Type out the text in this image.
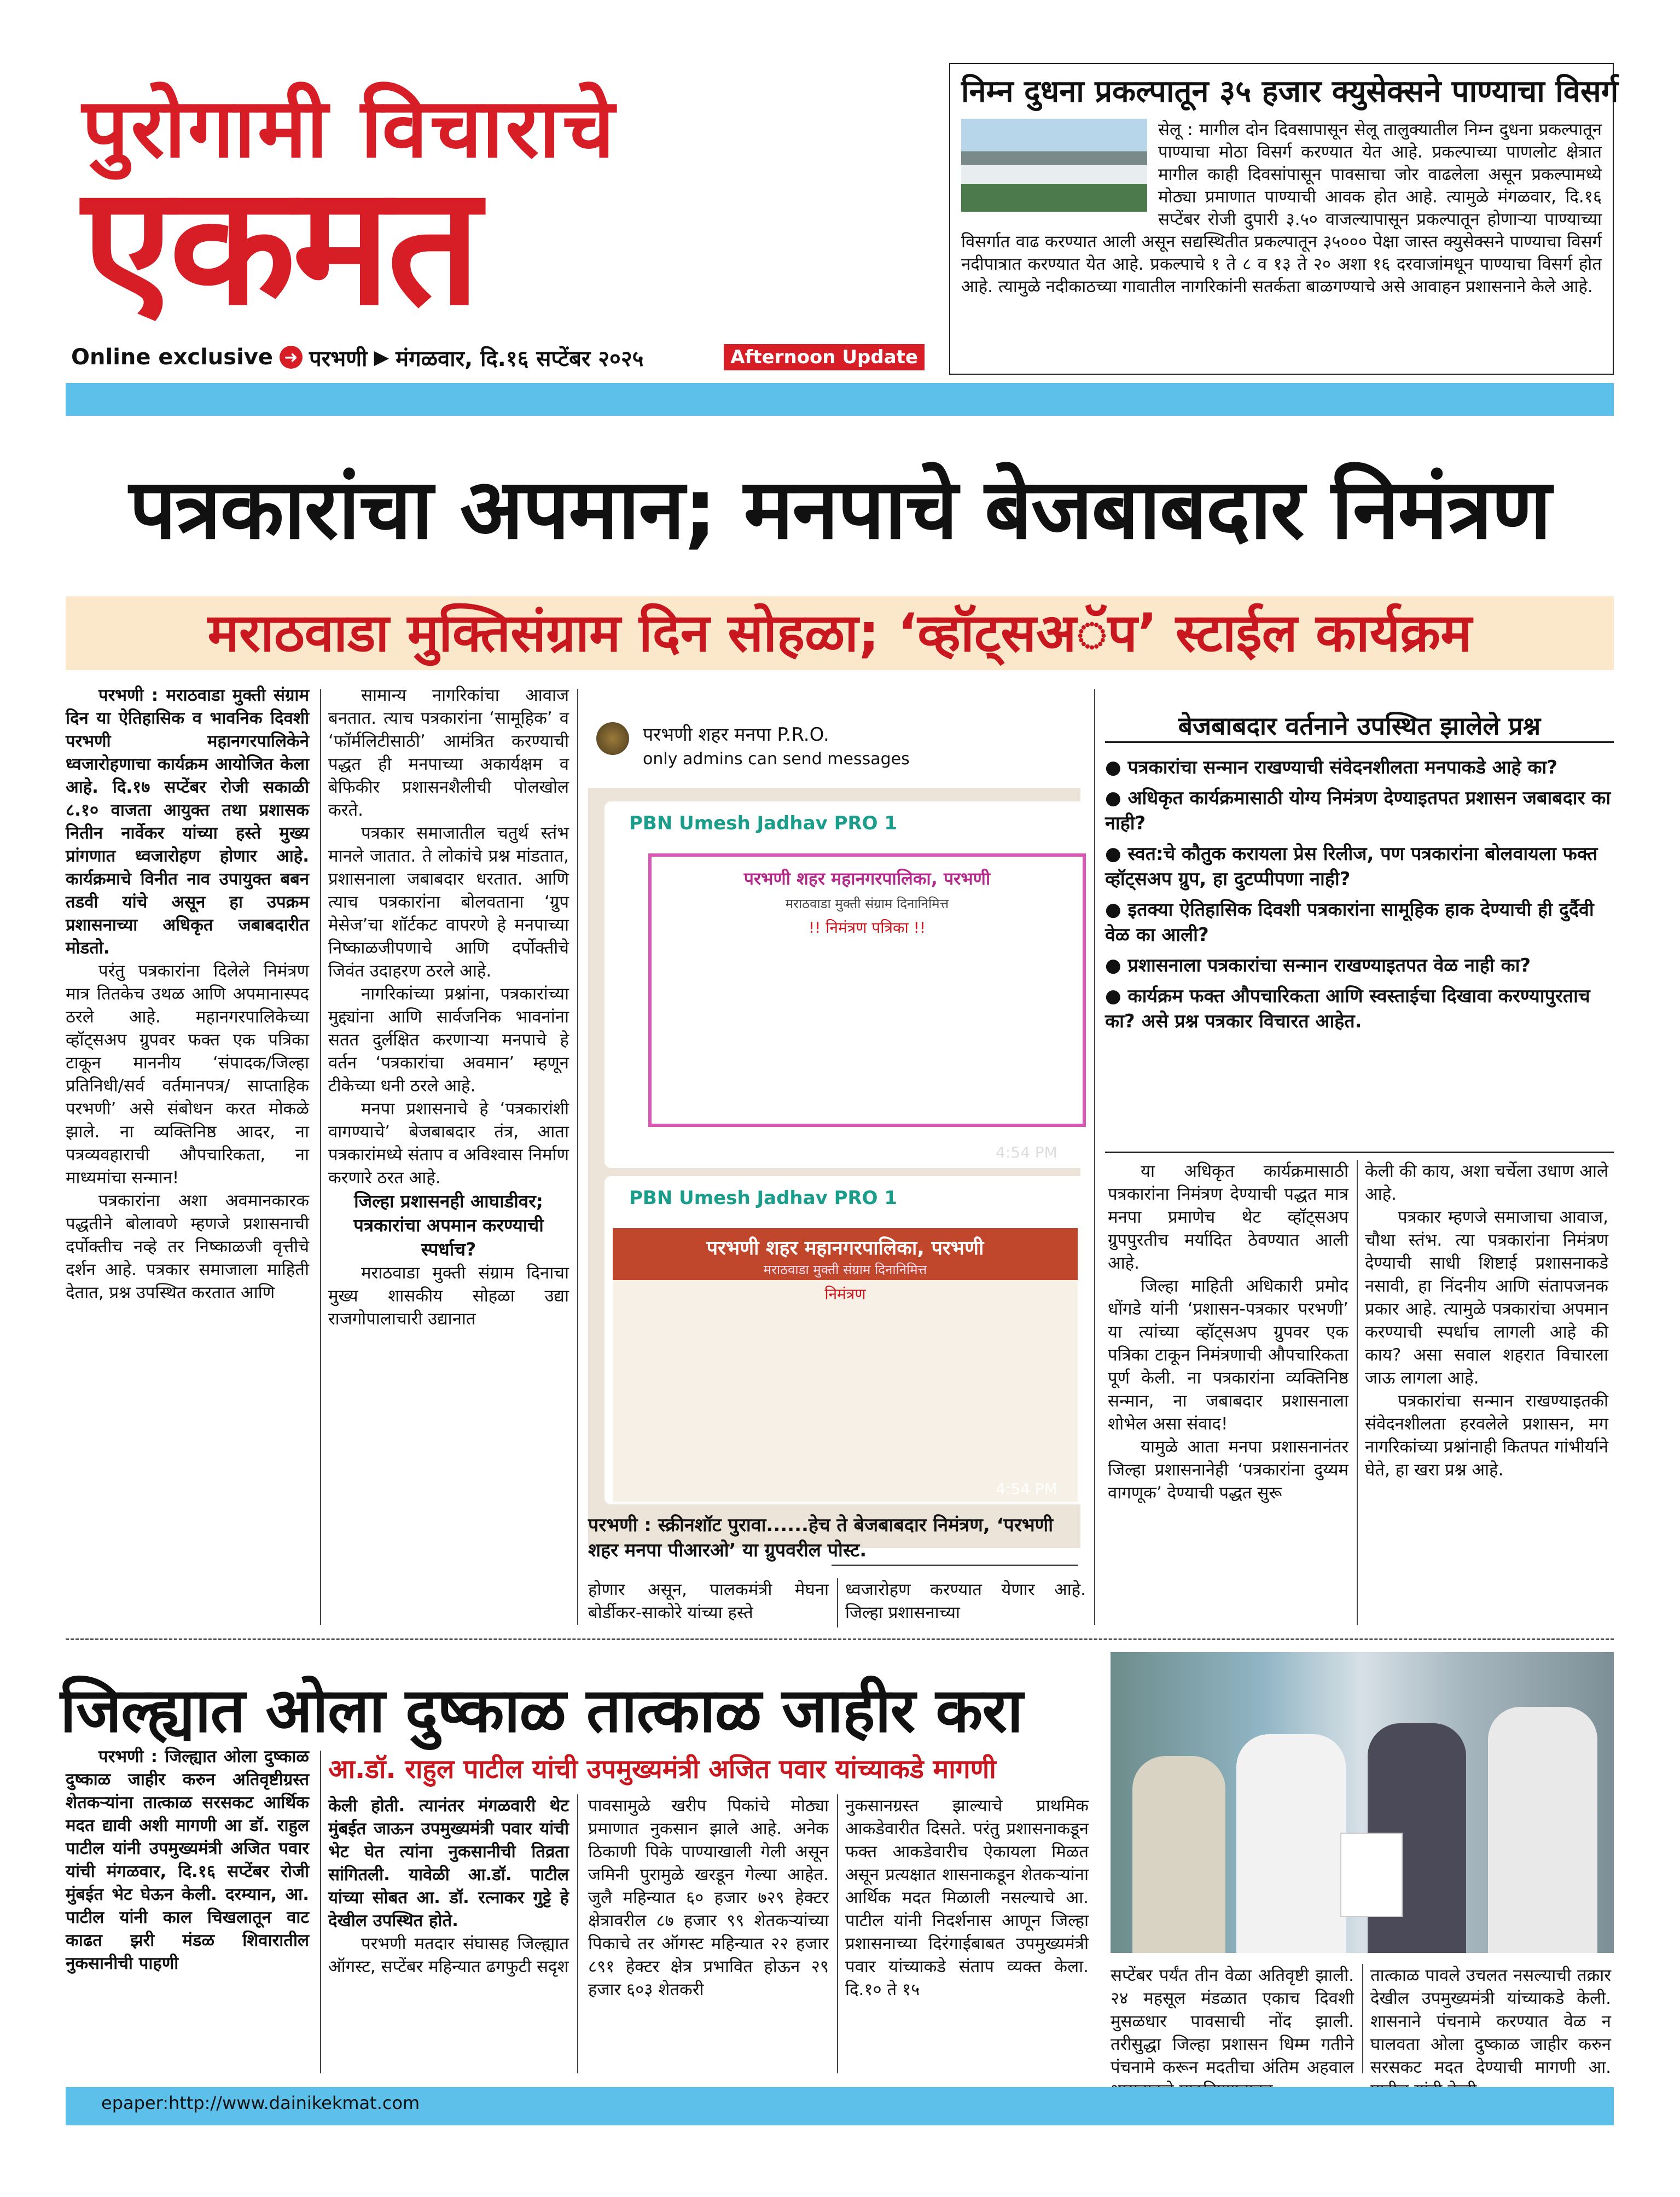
पुरोगामी विचाराचे
एकमत
Online exclusive ➜ परभणी ▶ मंगळवार, दि.१६ सप्टेंबर २०२५	Afternoon Update
निम्न दुधना प्रकल्पातून ३५ हजार क्युसेक्सने पाण्याचा विसर्ग

सेलू : मागील दोन दिवसापासून सेलू तालुक्यातील निम्न दुधना प्रकल्पातून पाण्याचा मोठा विसर्ग करण्यात येत आहे. प्रकल्पाच्या पाणलोट क्षेत्रात मागील काही दिवसांपासून पावसाचा जोर वाढलेला असून प्रकल्पामध्ये मोठ्या प्रमाणात पाण्याची आवक होत आहे. त्यामुळे मंगळवार, दि.१६ सप्टेंबर रोजी दुपारी ३.५० वाजल्यापासून प्रकल्पातून होणाऱ्या पाण्याच्या विसर्गात वाढ करण्यात आली असून सद्यस्थितीत प्रकल्पातून ३५००० पेक्षा जास्त क्युसेक्सने पाण्याचा विसर्ग नदीपात्रात करण्यात येत आहे. प्रकल्पाचे १ ते ८ व १३ ते २० अशा १६ दरवाजांमधून पाण्याचा विसर्ग होत आहे. त्यामुळे नदीकाठच्या गावातील नागरिकांनी सतर्कता बाळगण्याचे असे आवाहन प्रशासनाने केले आहे.

पत्रकारांचा अपमान; मनपाचे बेजबाबदार निमंत्रण
मराठवाडा मुक्तिसंग्राम दिन सोहळा; ‘व्हॉट्सअॅप’ स्टाईल कार्यक्रम

परभणी : मराठवाडा मुक्ती संग्राम दिन या ऐतिहासिक व भावनिक दिवशी परभणी महानगरपालिकेने ध्वजारोहणाचा कार्यक्रम आयोजित केला आहे. दि.१७ सप्टेंबर रोजी सकाळी ८.१० वाजता आयुक्त तथा प्रशासक नितीन नार्वेकर यांच्या हस्ते मुख्य प्रांगणात ध्वजारोहण होणार आहे. कार्यक्रमाचे विनीत नाव उपायुक्त बबन तडवी यांचे असून हा उपक्रम प्रशासनाच्या अधिकृत जबाबदारीत मोडतो.

परंतु पत्रकारांना दिलेले निमंत्रण मात्र तितकेच उथळ आणि अपमानास्पद ठरले आहे. महानगरपालिकेच्या व्हॉट्सअप ग्रुपवर फक्त एक पत्रिका टाकून माननीय ‘संपादक/जिल्हा प्रतिनिधी/सर्व वर्तमानपत्र/ साप्ताहिक परभणी’ असे संबोधन करत मोकळे झाले. ना व्यक्तिनिष्ठ आदर, ना पत्रव्यवहाराची औपचारिकता, ना माध्यमांचा सन्मान!

पत्रकारांना अशा अवमानकारक पद्धतीने बोलावणे म्हणजे प्रशासनाची दर्पोक्तीच नव्हे तर निष्काळजी वृत्तीचे दर्शन आहे. पत्रकार समाजाला माहिती देतात, प्रश्न उपस्थित करतात आणि

सामान्य नागरिकांचा आवाज बनतात. त्याच पत्रकारांना ‘सामूहिक’ व ‘फॉर्मलिटीसाठी’ आमंत्रित करण्याची पद्धत ही मनपाच्या अकार्यक्षम व बेफिकीर प्रशासनशैलीची पोलखोल करते.

पत्रकार समाजातील चतुर्थ स्तंभ मानले जातात. ते लोकांचे प्रश्न मांडतात, प्रशासनाला जबाबदार धरतात. आणि त्याच पत्रकारांना बोलवताना ‘ग्रुप मेसेज’चा शॉर्टकट वापरणे हे मनपाच्या निष्काळजीपणाचे आणि दर्पोक्तीचे जिवंत उदाहरण ठरले आहे.

नागरिकांच्या प्रश्नांना, पत्रकारांच्या मुद्द्यांना आणि सार्वजनिक भावनांना सतत दुर्लक्षित करणाऱ्या मनपाचे हे वर्तन ‘पत्रकारांचा अवमान’ म्हणून टीकेच्या धनी ठरले आहे.

मनपा प्रशासनाचे हे ‘पत्रकारांशी वागण्याचे’ बेजबाबदार तंत्र, आता पत्रकारांमध्ये संताप व अविश्वास निर्माण करणारे ठरत आहे.

जिल्हा प्रशासनही आघाडीवर; पत्रकारांचा अपमान करण्याची स्पर्धाच?

मराठवाडा मुक्ती संग्राम दिनाचा मुख्य शासकीय सोहळा उद्या राजगोपालाचारी उद्यानात

परभणी शहर मनपा P.R.O.
only admins can send messages
PBN Umesh Jadhav PRO 1
परभणी शहर महानगरपालिका, परभणी
मराठवाडा मुक्ती संग्राम दिनानिमित्त
!! निमंत्रण पत्रिका !!
4:54 PM
PBN Umesh Jadhav PRO 1
परभणी शहर महानगरपालिका, परभणी
मराठवाडा मुक्ती संग्राम दिनानिमित्त
निमंत्रण
4:54 PM
परभणी : स्क्रीनशॉट पुरावा......हेच ते बेजबाबदार निमंत्रण, ‘परभणी शहर मनपा पीआरओ’ या ग्रुपवरील पोस्ट.
होणार असून, पालकमंत्री मेघना बोर्डीकर-साकोरे यांच्या हस्ते
ध्वजारोहण करण्यात येणार आहे. जिल्हा प्रशासनाच्या
बेजबाबदार वर्तनाने उपस्थित झालेले प्रश्न
● पत्रकारांचा सन्मान राखण्याची संवेदनशीलता मनपाकडे आहे का?
● अधिकृत कार्यक्रमासाठी योग्य निमंत्रण देण्याइतपत प्रशासन जबाबदार का नाही?
● स्वत:चे कौतुक करायला प्रेस रिलीज, पण पत्रकारांना बोलवायला फक्त व्हॉट्सअप ग्रुप, हा दुटप्पीपणा नाही?
● इतक्या ऐतिहासिक दिवशी पत्रकारांना सामूहिक हाक देण्याची ही दुर्दैवी वेळ का आली?
● प्रशासनाला पत्रकारांचा सन्मान राखण्याइतपत वेळ नाही का?
● कार्यक्रम फक्त औपचारिकता आणि स्वस्ताईचा दिखावा करण्यापुरताच का? असे प्रश्न पत्रकार विचारत आहेत.

या अधिकृत कार्यक्रमासाठी पत्रकारांना निमंत्रण देण्याची पद्धत मात्र मनपा प्रमाणेच थेट व्हॉट्सअप ग्रुपपुरतीच मर्यादित ठेवण्यात आली आहे.

जिल्हा माहिती अधिकारी प्रमोद धोंगडे यांनी ‘प्रशासन-पत्रकार परभणी’ या त्यांच्या व्हॉट्सअप ग्रुपवर एक पत्रिका टाकून निमंत्रणाची औपचारिकता पूर्ण केली. ना पत्रकारांना व्यक्तिनिष्ठ सन्मान, ना जबाबदार प्रशासनाला शोभेल असा संवाद!

यामुळे आता मनपा प्रशासनानंतर जिल्हा प्रशासनानेही ‘पत्रकारांना दुय्यम वागणूक’ देण्याची पद्धत सुरू

केली की काय, अशा चर्चेला उधाण आले आहे.

पत्रकार म्हणजे समाजाचा आवाज, चौथा स्तंभ. त्या पत्रकारांना निमंत्रण देण्याची साधी शिष्टाई प्रशासनाकडे नसावी, हा निंदनीय आणि संतापजनक प्रकार आहे. त्यामुळे पत्रकारांचा अपमान करण्याची स्पर्धाच लागली आहे की काय? असा सवाल शहरात विचारला जाऊ लागला आहे.

पत्रकारांचा सन्मान राखण्याइतकी संवेदनशीलता हरवलेले प्रशासन, मग नागरिकांच्या प्रश्नांनाही कितपत गांभीर्याने घेते, हा खरा प्रश्न आहे.

जिल्ह्यात ओला दुष्काळ तात्काळ जाहीर करा
आ.डॉ. राहुल पाटील यांची उपमुख्यमंत्री अजित पवार यांच्याकडे मागणी

परभणी : जिल्ह्यात ओला दुष्काळ दुष्काळ जाहीर करुन अतिवृष्टीग्रस्त शेतकऱ्यांना तात्काळ सरसकट आर्थिक मदत द्यावी अशी मागणी आ डॉ. राहुल पाटील यांनी उपमुख्यमंत्री अजित पवार यांची मंगळवार, दि.१६ सप्टेंबर रोजी मुंबईत भेट घेऊन केली. दरम्यान, आ. पाटील यांनी काल चिखलातून वाट काढत झरी मंडळ शिवारातील नुकसानीची पाहणी

केली होती. त्यानंतर मंगळवारी थेट मुंबईत जाऊन उपमुख्यमंत्री पवार यांची भेट घेत त्यांना नुकसानीची तिव्रता सांगितली. यावेळी आ.डॉ. पाटील यांच्या सोबत आ. डॉ. रत्नाकर गुट्टे हे देखील उपस्थित होते.

परभणी मतदार संघासह जिल्ह्यात ऑगस्ट, सप्टेंबर महिन्यात ढगफुटी सदृश

पावसामुळे खरीप पिकांचे मोठ्या प्रमाणात नुकसान झाले आहे. अनेक ठिकाणी पिके पाण्याखाली गेली असून जमिनी पुरामुळे खरडून गेल्या आहेत. जुलै महिन्यात ६० हजार ७२९ हेक्टर क्षेत्रावरील ८७ हजार ९९ शेतकऱ्यांच्या पिकाचे तर ऑगस्ट महिन्यात २२ हजार ८९१ हेक्टर क्षेत्र प्रभावित होऊन २९ हजार ६०३ शेतकरी

नुकसानग्रस्त झाल्याचे प्राथमिक आकडेवारीत दिसते. परंतु प्रशासनाकडून फक्त आकडेवारीच ऐकायला मिळत असून प्रत्यक्षात शासनाकडून शेतकऱ्यांना आर्थिक मदत मिळाली नसल्याचे आ. पाटील यांनी निदर्शनास आणून जिल्हा प्रशासनाच्या दिरंगाईबाबत उपमुख्यमंत्री पवार यांच्याकडे संताप व्यक्त केला. दि.१० ते १५

सप्टेंबर पर्यंत तीन वेळा अतिवृष्टी झाली. २४ महसूल मंडळात एकाच दिवशी मुसळधार पावसाची नोंद झाली. तरीसुद्धा जिल्हा प्रशासन धिम्म गतीने पंचनामे करून मदतीचा अंतिम अहवाल

तात्काळ पावले उचलत नसल्याची तक्रार देखील उपमुख्यमंत्री यांच्याकडे केली. शासनाने पंचनामे करण्यात वेळ न घालवता ओला दुष्काळ जाहीर करुन सरसकट मदत देण्याची मागणी आ.

epaper:http://www.dainikekmat.com
